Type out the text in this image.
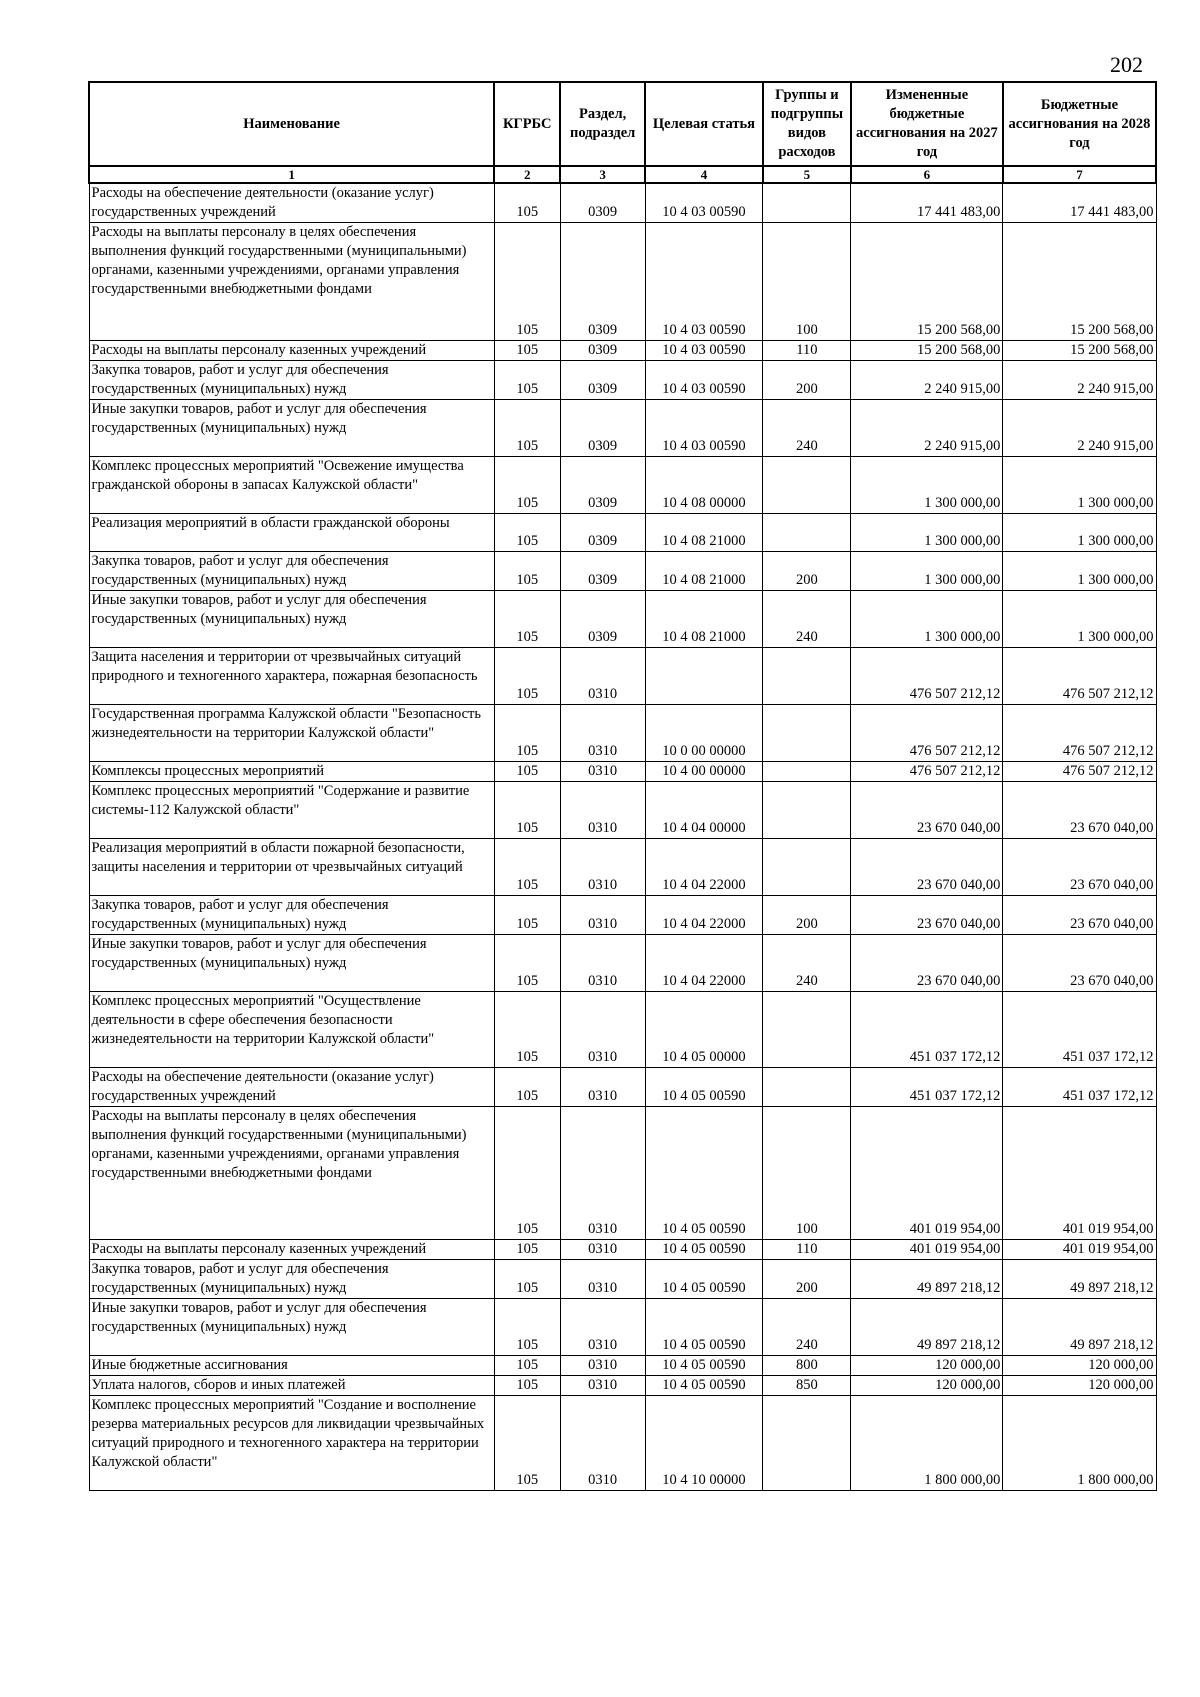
202
Наименование	КГРБС	Раздел, подраздел	Целевая статья	Группы и подгруппы видов расходов	Измененные бюджетные ассигнования на 2027 год	Бюджетные ассигнования на 2028 год
1	2	3	4	5	6	7
Расходы на обеспечение деятельности (оказание услуг) государственных учреждений	105	0309	10 4 03 00590		17 441 483,00	17 441 483,00
Расходы на выплаты персоналу в целях обеспечения выполнения функций государственными (муниципальными) органами, казенными учреждениями, органами управления государственными внебюджетными фондами	105	0309	10 4 03 00590	100	15 200 568,00	15 200 568,00
Расходы на выплаты персоналу казенных учреждений	105	0309	10 4 03 00590	110	15 200 568,00	15 200 568,00
Закупка товаров, работ и услуг для обеспечения государственных (муниципальных) нужд	105	0309	10 4 03 00590	200	2 240 915,00	2 240 915,00
Иные закупки товаров, работ и услуг для обеспечения государственных (муниципальных) нужд	105	0309	10 4 03 00590	240	2 240 915,00	2 240 915,00
Комплекс процессных мероприятий "Освежение имущества гражданской обороны в запасах Калужской области"	105	0309	10 4 08 00000		1 300 000,00	1 300 000,00
Реализация мероприятий в области гражданской обороны	105	0309	10 4 08 21000		1 300 000,00	1 300 000,00
Закупка товаров, работ и услуг для обеспечения государственных (муниципальных) нужд	105	0309	10 4 08 21000	200	1 300 000,00	1 300 000,00
Иные закупки товаров, работ и услуг для обеспечения государственных (муниципальных) нужд	105	0309	10 4 08 21000	240	1 300 000,00	1 300 000,00
Защита населения и территории от чрезвычайных ситуаций природного и техногенного характера, пожарная безопасность	105	0310			476 507 212,12	476 507 212,12
Государственная программа Калужской области "Безопасность жизнедеятельности на территории Калужской области"	105	0310	10 0 00 00000		476 507 212,12	476 507 212,12
Комплексы процессных мероприятий	105	0310	10 4 00 00000		476 507 212,12	476 507 212,12
Комплекс процессных мероприятий "Содержание и развитие системы-112 Калужской области"	105	0310	10 4 04 00000		23 670 040,00	23 670 040,00
Реализация мероприятий в области пожарной безопасности, защиты населения и территории от чрезвычайных ситуаций	105	0310	10 4 04 22000		23 670 040,00	23 670 040,00
Закупка товаров, работ и услуг для обеспечения государственных (муниципальных) нужд	105	0310	10 4 04 22000	200	23 670 040,00	23 670 040,00
Иные закупки товаров, работ и услуг для обеспечения государственных (муниципальных) нужд	105	0310	10 4 04 22000	240	23 670 040,00	23 670 040,00
Комплекс процессных мероприятий "Осуществление деятельности в сфере обеспечения безопасности жизнедеятельности на территории Калужской области"	105	0310	10 4 05 00000		451 037 172,12	451 037 172,12
Расходы на обеспечение деятельности (оказание услуг) государственных учреждений	105	0310	10 4 05 00590		451 037 172,12	451 037 172,12
Расходы на выплаты персоналу в целях обеспечения выполнения функций государственными (муниципальными) органами, казенными учреждениями, органами управления государственными внебюджетными фондами	105	0310	10 4 05 00590	100	401 019 954,00	401 019 954,00
Расходы на выплаты персоналу казенных учреждений	105	0310	10 4 05 00590	110	401 019 954,00	401 019 954,00
Закупка товаров, работ и услуг для обеспечения государственных (муниципальных) нужд	105	0310	10 4 05 00590	200	49 897 218,12	49 897 218,12
Иные закупки товаров, работ и услуг для обеспечения государственных (муниципальных) нужд	105	0310	10 4 05 00590	240	49 897 218,12	49 897 218,12
Иные бюджетные ассигнования	105	0310	10 4 05 00590	800	120 000,00	120 000,00
Уплата налогов, сборов и иных платежей	105	0310	10 4 05 00590	850	120 000,00	120 000,00
Комплекс процессных мероприятий "Создание и восполнение резерва материальных ресурсов для ликвидации чрезвычайных ситуаций природного и техногенного характера на территории Калужской области"	105	0310	10 4 10 00000		1 800 000,00	1 800 000,00
